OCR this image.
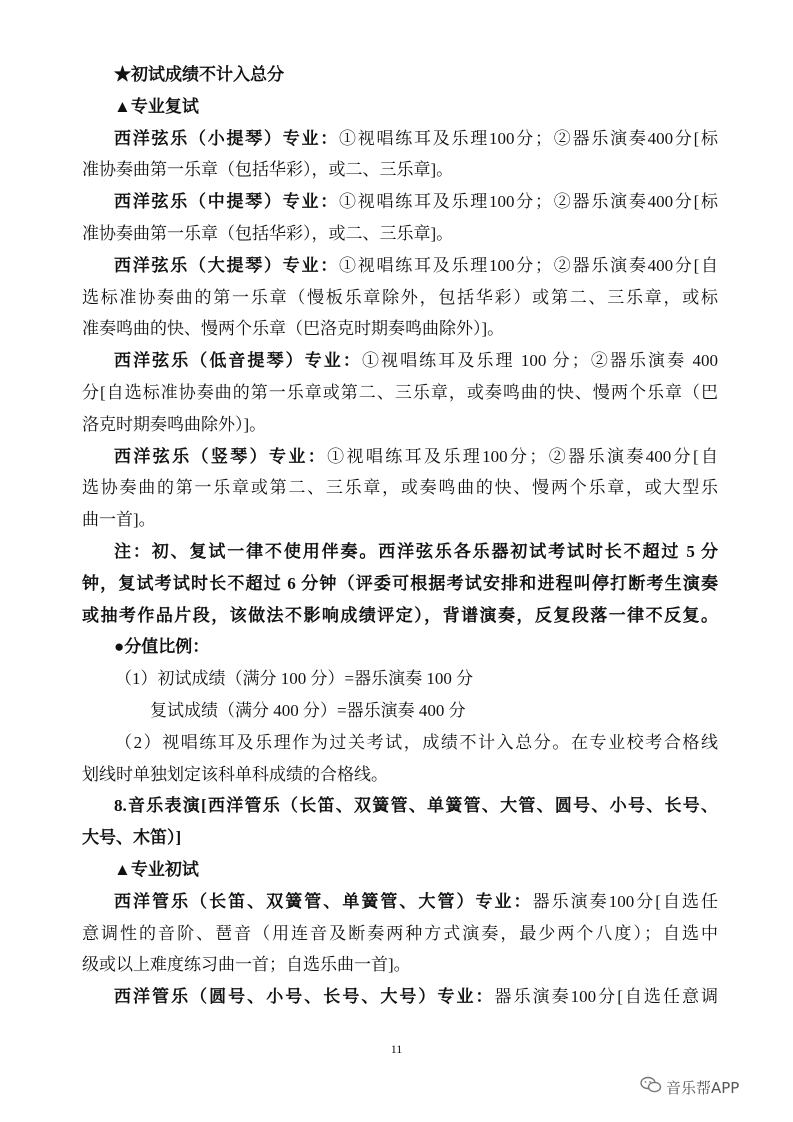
★初试成绩不计入总分
▲专业复试
西洋弦乐（小提琴）专业：①视唱练耳及乐理100分；②器乐演奏400分[标
准协奏曲第一乐章（包括华彩），或二、三乐章]。
西洋弦乐（中提琴）专业：①视唱练耳及乐理100分；②器乐演奏400分[标
准协奏曲第一乐章（包括华彩），或二、三乐章]。
西洋弦乐（大提琴）专业：①视唱练耳及乐理100分；②器乐演奏400分[自
选标准协奏曲的第一乐章（慢板乐章除外，包括华彩）或第二、三乐章，或标
准奏鸣曲的快、慢两个乐章（巴洛克时期奏鸣曲除外）]。
西洋弦乐（低音提琴）专业：①视唱练耳及乐理 100 分；②器乐演奏 400
分[自选标准协奏曲的第一乐章或第二、三乐章，或奏鸣曲的快、慢两个乐章（巴
洛克时期奏鸣曲除外）]。
西洋弦乐（竖琴）专业：①视唱练耳及乐理100分；②器乐演奏400分[自
选协奏曲的第一乐章或第二、三乐章，或奏鸣曲的快、慢两个乐章，或大型乐
曲一首]。
注：初、复试一律不使用伴奏。西洋弦乐各乐器初试考试时长不超过 5 分
钟，复试考试时长不超过 6 分钟（评委可根据考试安排和进程叫停打断考生演奏
或抽考作品片段，该做法不影响成绩评定），背谱演奏，反复段落一律不反复。
●分值比例：
（1）初试成绩（满分 100 分）=器乐演奏 100 分
复试成绩（满分 400 分）=器乐演奏 400 分
（2）视唱练耳及乐理作为过关考试，成绩不计入总分。在专业校考合格线
划线时单独划定该科单科成绩的合格线。
8.音乐表演[西洋管乐（长笛、双簧管、单簧管、大管、圆号、小号、长号、
大号、木笛）]
▲专业初试
西洋管乐（长笛、双簧管、单簧管、大管）专业：器乐演奏100分[自选任
意调性的音阶、琶音（用连音及断奏两种方式演奏，最少两个八度）；自选中
级或以上难度练习曲一首；自选乐曲一首]。
西洋管乐（圆号、小号、长号、大号）专业：器乐演奏100分[自选任意调
11
音乐帮APP
